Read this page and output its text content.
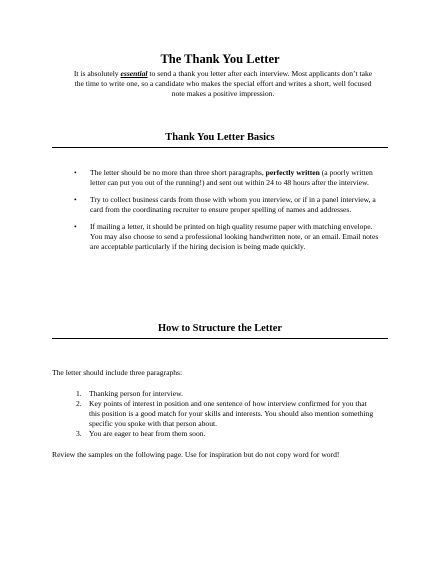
The Thank You Letter

It is absolutely essential to send a thank you letter after each interview. Most applicants don’t take the time to write one, so a candidate who makes the special effort and writes a short, well focused note makes a positive impression.

Thank You Letter Basics
• The letter should be no more than three short paragraphs, perfectly written (a poorly written letter can put you out of the running!) and sent out within 24 to 48 hours after the interview.
• Try to collect business cards from those with whom you interview, or if in a panel interview, a card from the coordinating recruiter to ensure proper spelling of names and addresses.
• If mailing a letter, it should be printed on high quality resume paper with matching envelope. You may also choose to send a professional looking handwritten note, or an email. Email notes are acceptable particularly if the hiring decision is being made quickly.
How to Structure the Letter

The letter should include three paragraphs:

1. Thanking person for interview.
2. Key points of interest in position and one sentence of how interview confirmed for you that this position is a good match for your skills and interests. You should also mention something specific you spoke with that person about.
3. You are eager to hear from them soon.

Review the samples on the following page. Use for inspiration but do not copy word for word!
